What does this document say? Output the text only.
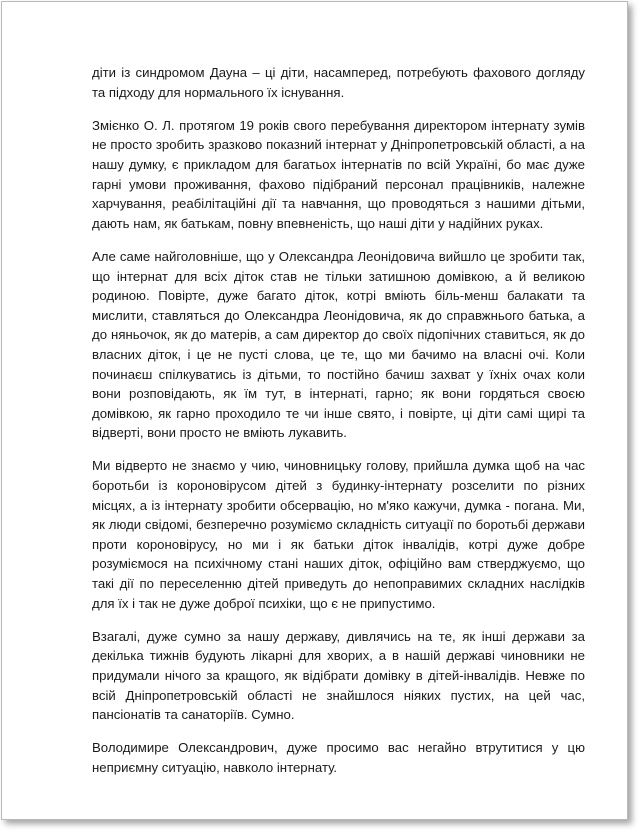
діти із синдромом Дауна – ці діти, насамперед, потребують фахового догляду та підходу для нормального їх існування.

Змієнко О. Л. протягом 19 років свого перебування директором інтернату зумів не просто зробить зразково показний інтернат у Дніпропетровській області, а на нашу думку, є прикладом для багатьох інтернатів по всій Україні, бо має дуже гарні умови проживання, фахово підібраний персонал працівників, належне харчування, реабілітаційні дії та навчання, що проводяться з нашими дітьми, дають нам, як батькам, повну впевненість, що наші діти у надійних руках.

Але саме найголовніше, що у Олександра Леонідовича вийшло це зробити так, що інтернат для всіх діток став не тільки затишною домівкою, а й великою родиною. Повірте, дуже багато діток, котрі вміють біль-менш балакати та мислити, ставляться до Олександра Леонідовича, як до справжнього батька, а до няньочок, як до матерів, а сам директор до своїх підопічних ставиться, як до власних діток, і це не пусті слова, це те, що ми бачимо на власні очі. Коли починаєш спілкуватись із дітьми, то постійно бачиш захват у їхніх очах коли вони розповідають, як їм тут, в інтернаті, гарно; як вони гордяться своєю домівкою, як гарно проходило те чи інше свято, і повірте, ці діти самі щирі та відверті, вони просто не вміють лукавить.

Ми відверто не знаємо у чию, чиновницьку голову, прийшла думка щоб на час боротьби із короновірусом дітей з будинку-інтернату розселити по різних місцях, а із інтернату зробити обсервацію, но м'яко кажучи, думка - погана. Ми, як люди свідомі, безперечно розуміємо складність ситуації по боротьбі держави проти короновірусу, но ми і як батьки діток інвалідів, котрі дуже добре розуміємося на психічному стані наших діток, офіційно вам стверджуємо, що такі дії по переселенню дітей приведуть до непоправимих складних наслідків для їх і так не дуже доброї психіки, що є не припустимо.

Взагалі, дуже сумно за нашу державу, дивлячись на те, як інші держави за декілька тижнів будують лікарні для хворих, а в нашій державі чиновники не придумали нічого за кращого, як відібрати домівку в дітей-інвалідів. Невже по всій Дніпропетровській області не знайшлося ніяких пустих, на цей час, пансіонатів та санаторіїв. Сумно.

Володимире Олександрович, дуже просимо вас негайно втрутитися у цю неприємну ситуацію, навколо інтернату.
